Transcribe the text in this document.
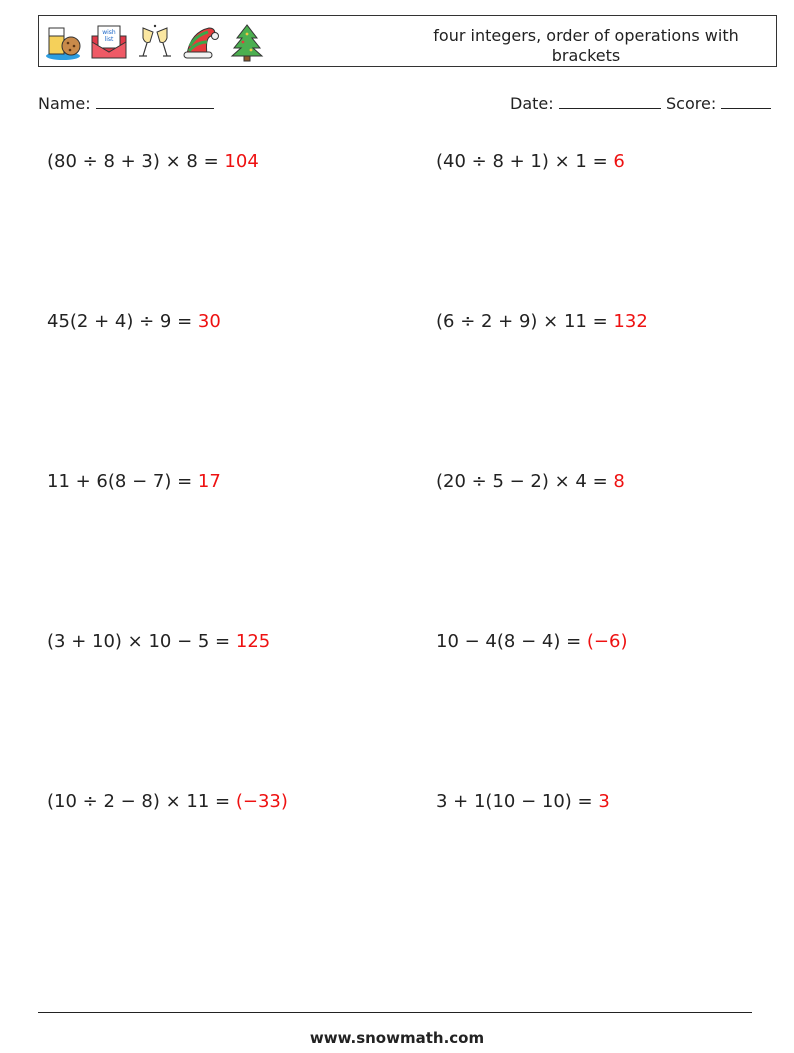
wish
list	four integers, order of operations with brackets
Name:	Date:	Score:
(80 ÷ 8 + 3) × 8 = 104	(40 ÷ 8 + 1) × 1 = 6
45(2 + 4) ÷ 9 = 30	(6 ÷ 2 + 9) × 11 = 132
11 + 6(8 − 7) = 17	(20 ÷ 5 − 2) × 4 = 8
(3 + 10) × 10 − 5 = 125	10 − 4(8 − 4) = (−6)
(10 ÷ 2 − 8) × 11 = (−33)	3 + 1(10 − 10) = 3
www.snowmath.com
